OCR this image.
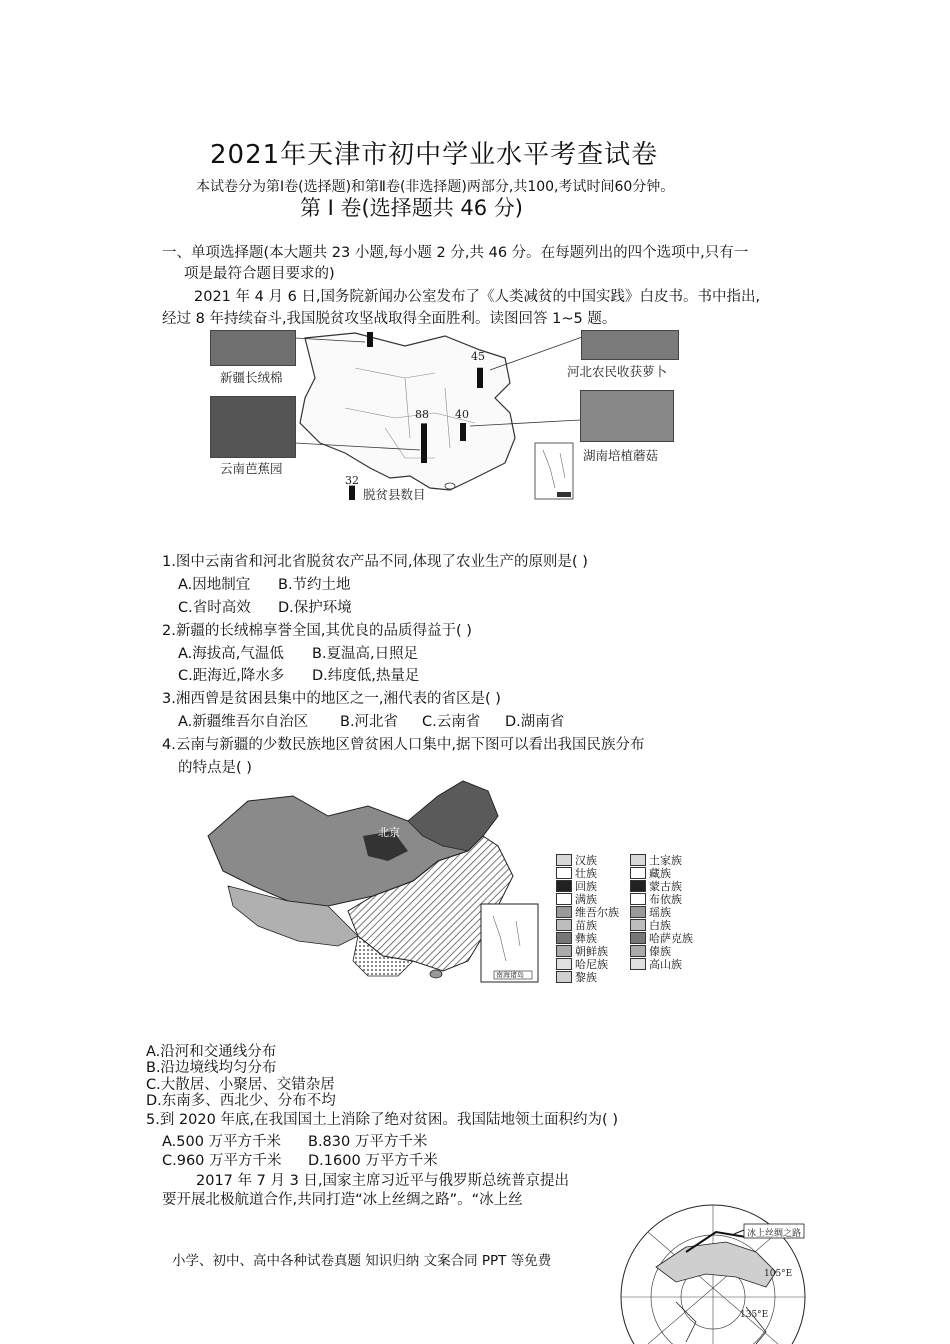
2021年天津市初中学业水平考查试卷
本试卷分为第Ⅰ卷(选择题)和第Ⅱ卷(非选择题)两部分,共100,考试时间60分钟。
第 I 卷(选择题共 46 分)
一、单项选择题(本大题共 23 小题,每小题 2 分,共 46 分。在每题列出的四个选项中,只有一
项是最符合题目要求的)
2021 年 4 月 6 日,国务院新闻办公室发布了《人类减贫的中国实践》白皮书。书中指出,
经过 8 年持续奋斗,我国脱贫攻坚战取得全面胜利。读图回答 1~5 题。
新疆长绒棉
云南芭蕉园
河北农民收获萝卜
湖南培植蘑菇
45
88 40
32
脱贫县数目
1.图中云南省和河北省脱贫农产品不同,体现了农业生产的原则是( )
A.因地制宜 B.节约土地
C.省时高效 D.保护环境
2.新疆的长绒棉享誉全国,其优良的品质得益于( )
A.海拔高,气温低 B.夏温高,日照足
C.距海近,降水多 D.纬度低,热量足
3.湘西曾是贫困县集中的地区之一,湘代表的省区是( )
A.新疆维吾尔自治区 B.河北省 C.云南省 D.湖南省
4.云南与新疆的少数民族地区曾贫困人口集中,据下图可以看出我国民族分布
的特点是( )
北京
南海诸岛
汉族
壮族
回族
满族
维吾尔族
苗族
彝族
朝鲜族
哈尼族
黎族
土家族
藏族
蒙古族
布依族
瑶族
白族
哈萨克族
傣族
高山族
A.沿河和交通线分布
B.沿边境线均匀分布
C.大散居、小聚居、交错杂居
D.东南多、西北少、分布不均
5.到 2020 年底,在我国国土上消除了绝对贫困。我国陆地领土面积约为( )
A.500 万平方千米 B.830 万平方千米
C.960 万平方千米 D.1600 万平方千米
2017 年 7 月 3 日,国家主席习近平与俄罗斯总统普京提出
要开展北极航道合作,共同打造“冰上丝绸之路”。“冰上丝
冰上丝绸之路
105°E
135°E
小学、初中、高中各种试卷真题 知识归纳 文案合同 PPT 等免费
